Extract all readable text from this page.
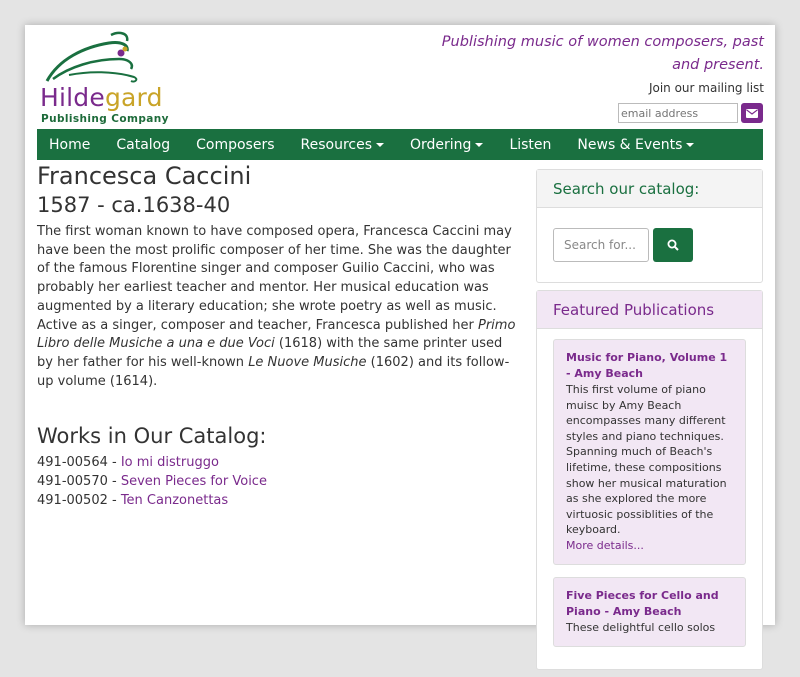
Hildegard
Publishing Company
Publishing music of women composers, past and present.
Join our mailing list
email address
Home Catalog Composers Resources	Ordering	Listen News & Events
Francesca Caccini
1587 - ca.1638-40

The first woman known to have composed opera, Francesca Caccini may have been the most prolific composer of her time. She was the daughter of the famous Florentine singer and composer Guilio Caccini, who was probably her earliest teacher and mentor. Her musical education was augmented by a literary education; she wrote poetry as well as music. Active as a singer, composer and teacher, Francesca published her Primo Libro delle Musiche a una e due Voci (1618) with the same printer used by her father for his well-known Le Nuove Musiche (1602) and its follow-up volume (1614).

Works in Our Catalog:
491-00564 - Io mi distruggo
491-00570 - Seven Pieces for Voice
491-00502 - Ten Canzonettas
Search our catalog:
Search for...
Featured Publications
Music for Piano, Volume 1 - Amy Beach
This first volume of piano muisc by Amy Beach encompasses many different styles and piano techniques. Spanning much of Beach's lifetime, these compositions show her musical maturation as she explored the more virtuosic possiblities of the keyboard.
More details...
Five Pieces for Cello and Piano - Amy Beach
These delightful cello solos
